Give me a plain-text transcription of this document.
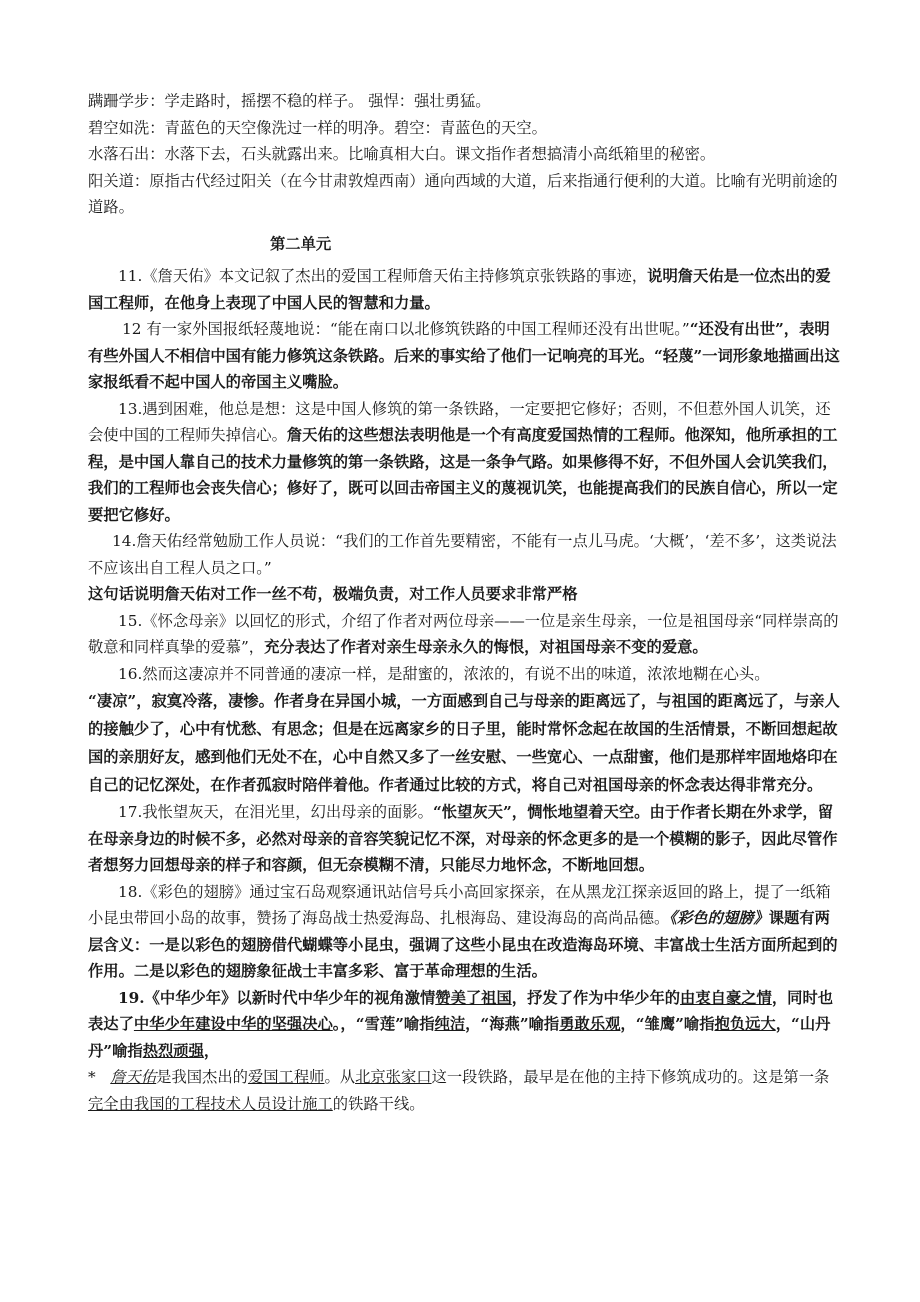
蹒跚学步：学走路时，摇摆不稳的样子。 强悍：强壮勇猛。

碧空如洗：青蓝色的天空像洗过一样的明净。碧空：青蓝色的天空。

水落石出：水落下去，石头就露出来。比喻真相大白。课文指作者想搞清小高纸箱里的秘密。

阳关道：原指古代经过阳关（在今甘肃敦煌西南）通向西域的大道，后来指通行便利的大道。比喻有光明前途的道路。

第二单元

11.《詹天佑》本文记叙了杰出的爱国工程师詹天佑主持修筑京张铁路的事迹，说明詹天佑是一位杰出的爱国工程师，在他身上表现了中国人民的智慧和力量。

12 有一家外国报纸轻蔑地说：“能在南口以北修筑铁路的中国工程师还没有出世呢。”“还没有出世”，表明有些外国人不相信中国有能力修筑这条铁路。后来的事实给了他们一记响亮的耳光。“轻蔑”一词形象地描画出这家报纸看不起中国人的帝国主义嘴脸。

13.遇到困难，他总是想：这是中国人修筑的第一条铁路，一定要把它修好；否则，不但惹外国人讥笑，还会使中国的工程师失掉信心。詹天佑的这些想法表明他是一个有高度爱国热情的工程师。他深知，他所承担的工程，是中国人靠自己的技术力量修筑的第一条铁路，这是一条争气路。如果修得不好，不但外国人会讥笑我们，我们的工程师也会丧失信心；修好了，既可以回击帝国主义的蔑视讥笑，也能提高我们的民族自信心，所以一定要把它修好。

14.詹天佑经常勉励工作人员说：“我们的工作首先要精密，不能有一点儿马虎。‘大概’，‘差不多’，这类说法不应该出自工程人员之口。”

这句话说明詹天佑对工作一丝不苟，极端负责，对工作人员要求非常严格

15.《怀念母亲》以回忆的形式，介绍了作者对两位母亲——一位是亲生母亲，一位是祖国母亲“同样崇高的敬意和同样真挚的爱慕”，充分表达了作者对亲生母亲永久的悔恨，对祖国母亲不变的爱意。

16.然而这凄凉并不同普通的凄凉一样，是甜蜜的，浓浓的，有说不出的味道，浓浓地糊在心头。

“凄凉”，寂寞冷落，凄惨。作者身在异国小城，一方面感到自己与母亲的距离远了，与祖国的距离远了，与亲人的接触少了，心中有忧愁、有思念；但是在远离家乡的日子里，能时常怀念起在故国的生活情景，不断回想起故国的亲朋好友，感到他们无处不在，心中自然又多了一丝安慰、一些宽心、一点甜蜜，他们是那样牢固地烙印在自己的记忆深处，在作者孤寂时陪伴着他。作者通过比较的方式，将自己对祖国母亲的怀念表达得非常充分。

17.我怅望灰天，在泪光里，幻出母亲的面影。“怅望灰天”，惆怅地望着天空。由于作者长期在外求学，留在母亲身边的时候不多，必然对母亲的音容笑貌记忆不深，对母亲的怀念更多的是一个模糊的影子，因此尽管作者想努力回想母亲的样子和容颜，但无奈模糊不清，只能尽力地怀念，不断地回想。

18.《彩色的翅膀》通过宝石岛观察通讯站信号兵小高回家探亲，在从黑龙江探亲返回的路上，提了一纸箱小昆虫带回小岛的故事，赞扬了海岛战士热爱海岛、扎根海岛、建设海岛的高尚品德。《彩色的翅膀》课题有两层含义：一是以彩色的翅膀借代蝴蝶等小昆虫，强调了这些小昆虫在改造海岛环境、丰富战士生活方面所起到的作用。二是以彩色的翅膀象征战士丰富多彩、富于革命理想的生活。

19.《中华少年》以新时代中华少年的视角激情赞美了祖国，抒发了作为中华少年的由衷自豪之情，同时也表达了中华少年建设中华的坚强决心。，“雪莲”喻指纯洁，“海燕”喻指勇敢乐观，“雏鹰”喻指抱负远大，“山丹丹”喻指热烈顽强，

* 詹天佑是我国杰出的爱国工程师。从北京张家口这一段铁路，最早是在他的主持下修筑成功的。这是第一条完全由我国的工程技术人员设计施工的铁路干线。
